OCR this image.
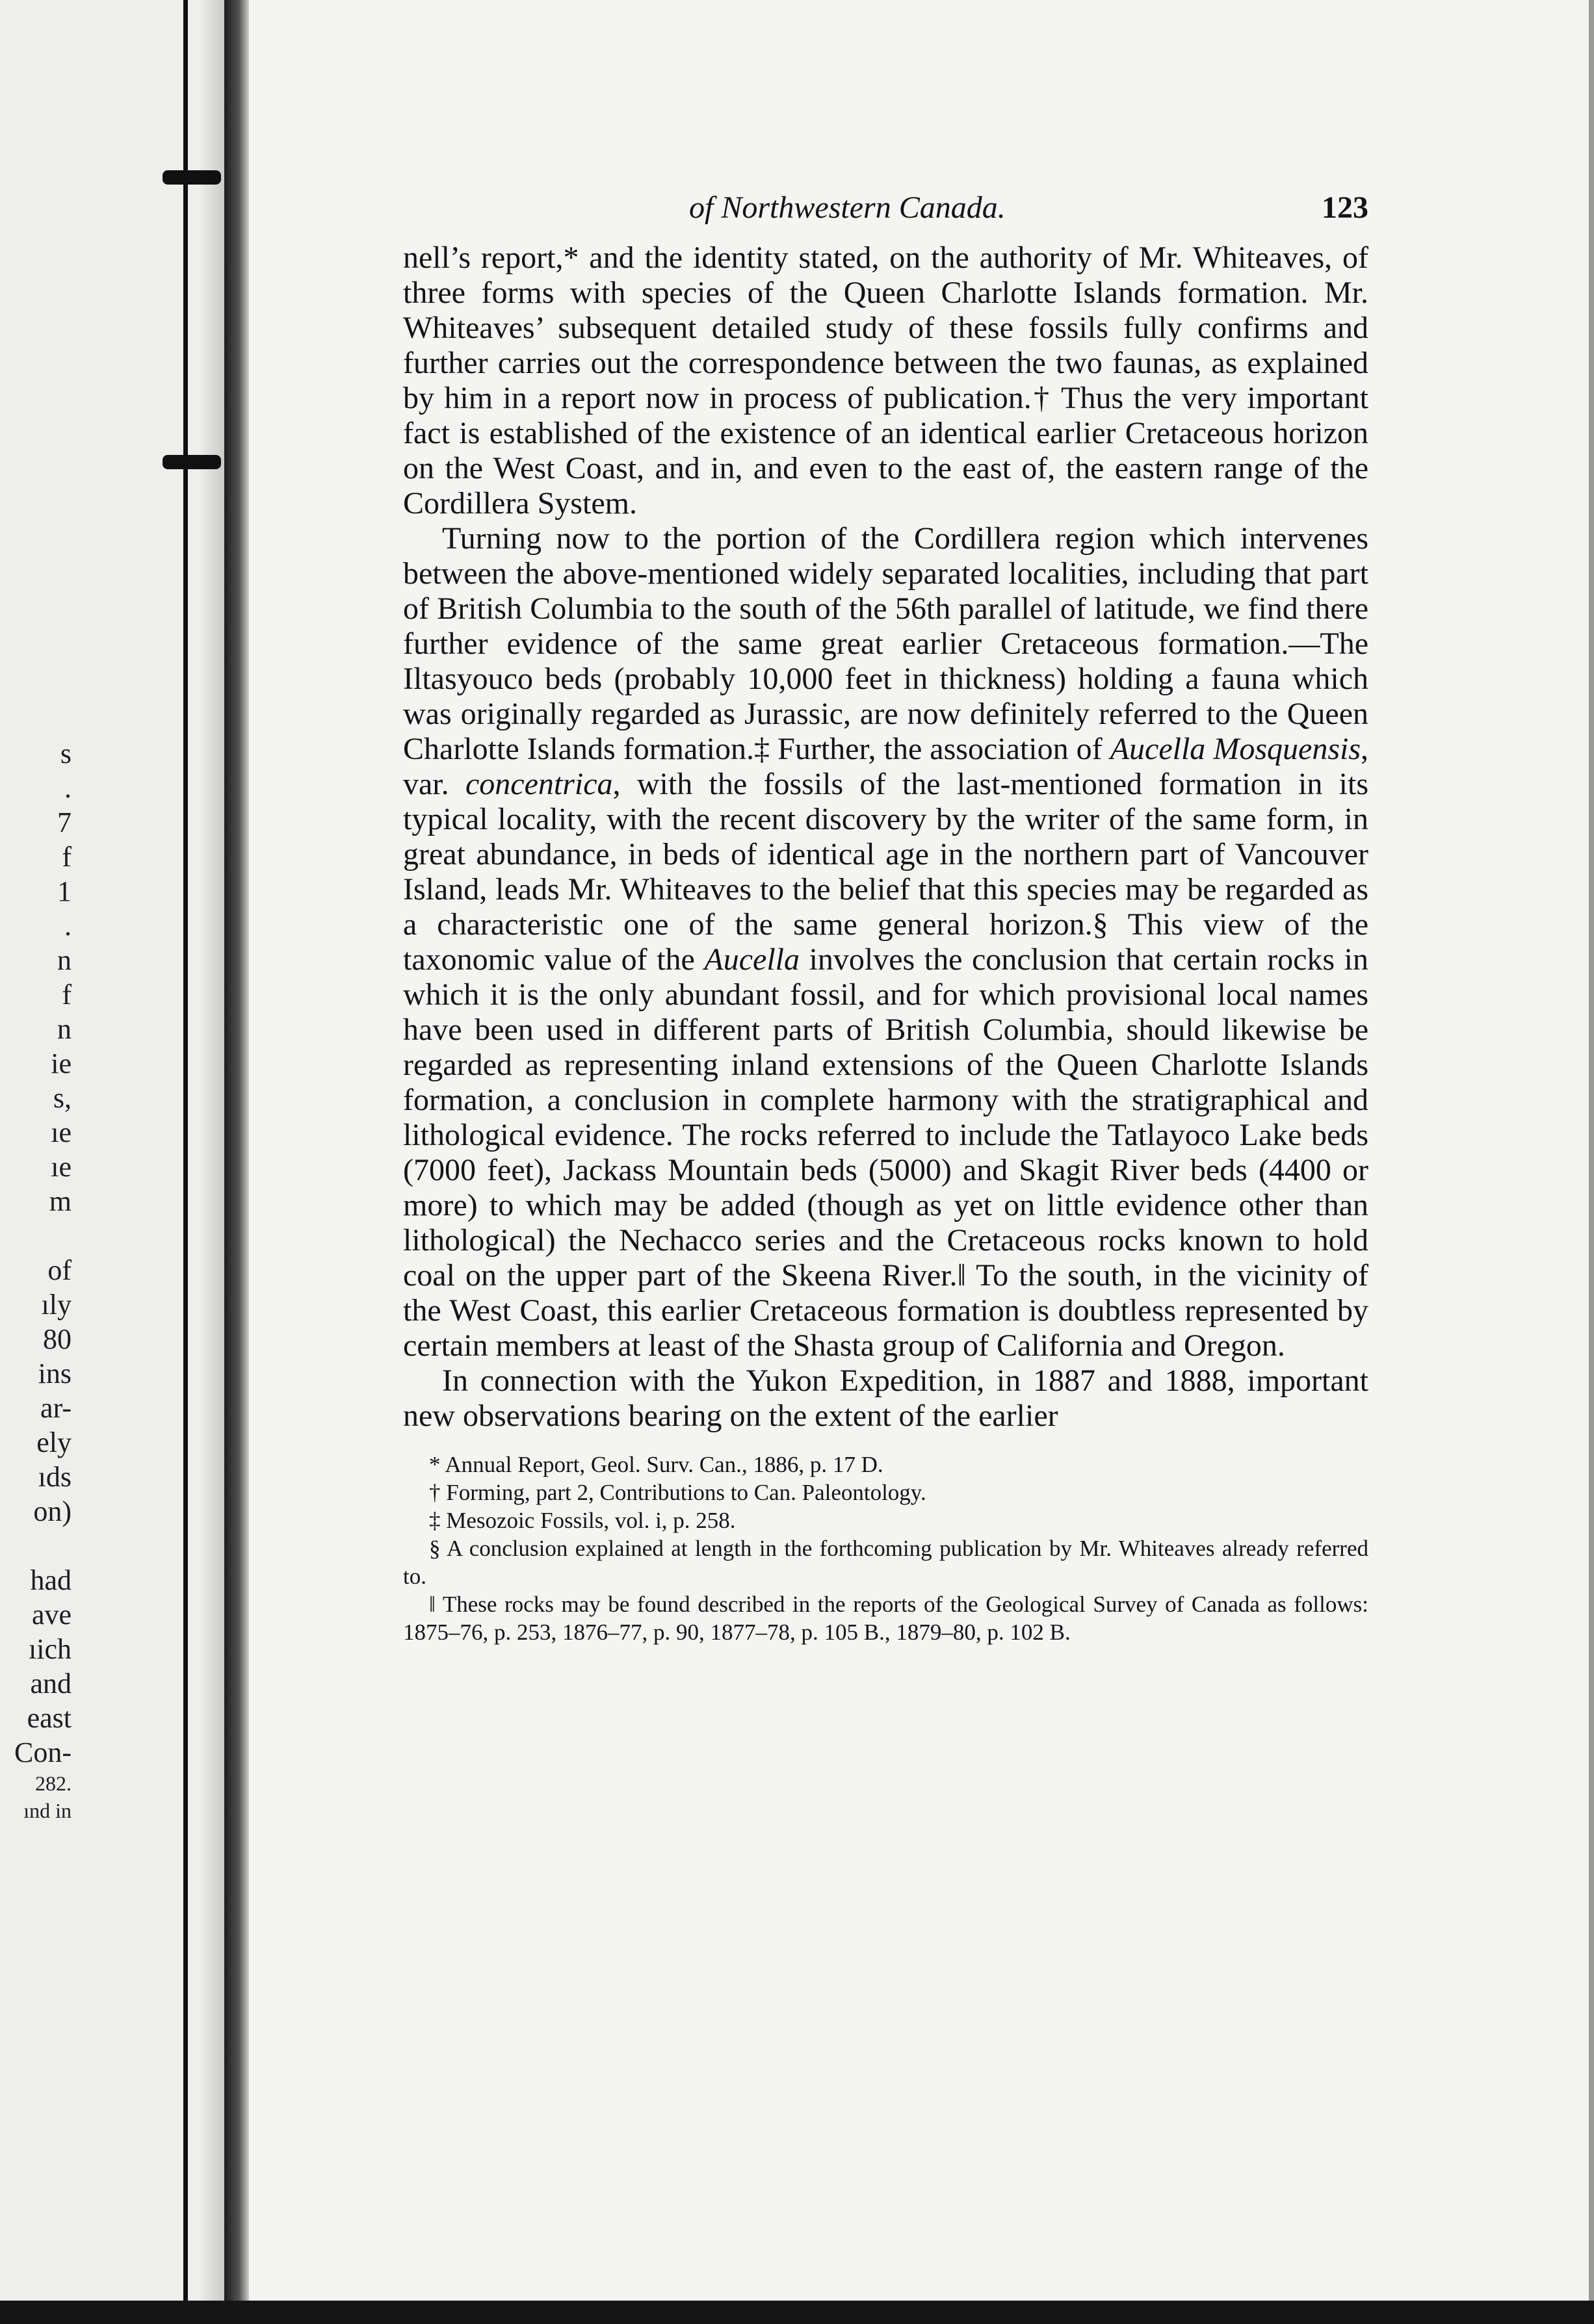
s
.
7
f
1
.
n
f
n
ie
s,
ıe
ıe
m
of
ıly
80
ins
ar-
ely
ıds
on)
had
ave
ıich
and
east
Con-
282.
ınd in
of Northwestern Canada.	123

nell’s report,* and the identity stated, on the authority of Mr. Whiteaves, of three forms with species of the Queen Charlotte Islands formation. Mr. Whiteaves’ subsequent detailed study of these fossils fully confirms and further carries out the correspondence between the two faunas, as explained by him in a report now in process of publication.† Thus the very important fact is established of the existence of an identical earlier Cretaceous horizon on the West Coast, and in, and even to the east of, the eastern range of the Cordillera System.

Turning now to the portion of the Cordillera region which intervenes between the above-mentioned widely separated localities, including that part of British Columbia to the south of the 56th parallel of latitude, we find there further evidence of the same great earlier Cretaceous formation.—The Iltasyouco beds (probably 10,000 feet in thickness) holding a fauna which was originally regarded as Jurassic, are now definitely referred to the Queen Charlotte Islands formation.‡ Further, the association of Aucella Mosquensis, var. concentrica, with the fossils of the last-mentioned formation in its typical locality, with the recent discovery by the writer of the same form, in great abundance, in beds of identical age in the northern part of Vancouver Island, leads Mr. Whiteaves to the belief that this species may be regarded as a characteristic one of the same general horizon.§ This view of the taxonomic value of the Aucella involves the conclusion that certain rocks in which it is the only abundant fossil, and for which provisional local names have been used in different parts of British Columbia, should likewise be regarded as representing inland extensions of the Queen Charlotte Islands formation, a conclusion in complete harmony with the stratigraphical and lithological evidence. The rocks referred to include the Tatlayoco Lake beds (7000 feet), Jackass Mountain beds (5000) and Skagit River beds (4400 or more) to which may be added (though as yet on little evidence other than lithological) the Nechacco series and the Cretaceous rocks known to hold coal on the upper part of the Skeena River.‖ To the south, in the vicinity of the West Coast, this earlier Cretaceous formation is doubtless represented by certain members at least of the Shasta group of California and Oregon.

In connection with the Yukon Expedition, in 1887 and 1888, important new observations bearing on the extent of the earlier

* Annual Report, Geol. Surv. Can., 1886, p. 17 D.

† Forming, part 2, Contributions to Can. Paleontology.

‡ Mesozoic Fossils, vol. i, p. 258.

§ A conclusion explained at length in the forthcoming publication by Mr. Whiteaves already referred to.

‖ These rocks may be found described in the reports of the Geological Survey of Canada as follows: 1875–76, p. 253, 1876–77, p. 90, 1877–78, p. 105 B., 1879–80, p. 102 B.
